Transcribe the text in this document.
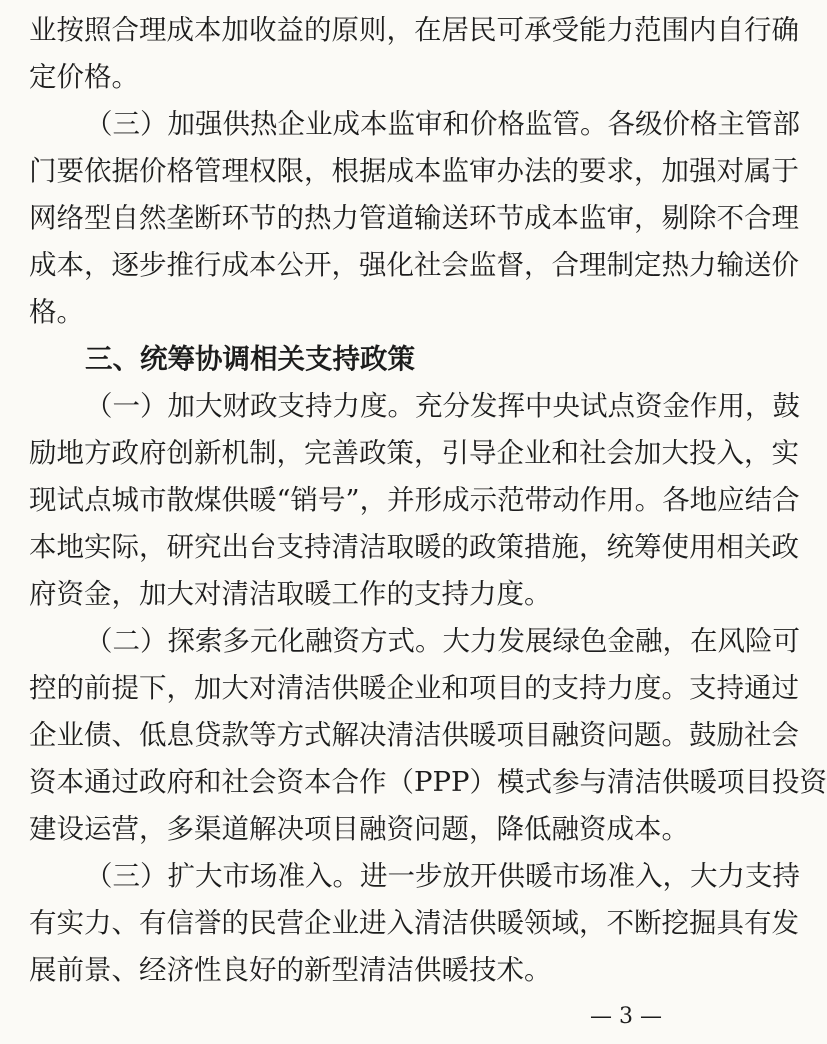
业按照合理成本加收益的原则，在居民可承受能力范围内自行确
定价格。
（三）加强供热企业成本监审和价格监管。各级价格主管部
门要依据价格管理权限，根据成本监审办法的要求，加强对属于
网络型自然垄断环节的热力管道输送环节成本监审，剔除不合理
成本，逐步推行成本公开，强化社会监督，合理制定热力输送价
格。
三、统筹协调相关支持政策
（一）加大财政支持力度。充分发挥中央试点资金作用，鼓
励地方政府创新机制，完善政策，引导企业和社会加大投入，实
现试点城市散煤供暖“销号”，并形成示范带动作用。各地应结合
本地实际，研究出台支持清洁取暖的政策措施，统筹使用相关政
府资金，加大对清洁取暖工作的支持力度。
（二）探索多元化融资方式。大力发展绿色金融，在风险可
控的前提下，加大对清洁供暖企业和项目的支持力度。支持通过
企业债、低息贷款等方式解决清洁供暖项目融资问题。鼓励社会
资本通过政府和社会资本合作（PPP）模式参与清洁供暖项目投资
建设运营，多渠道解决项目融资问题，降低融资成本。
（三）扩大市场准入。进一步放开供暖市场准入，大力支持
有实力、有信誉的民营企业进入清洁供暖领域，不断挖掘具有发
展前景、经济性良好的新型清洁供暖技术。
— 3 —
